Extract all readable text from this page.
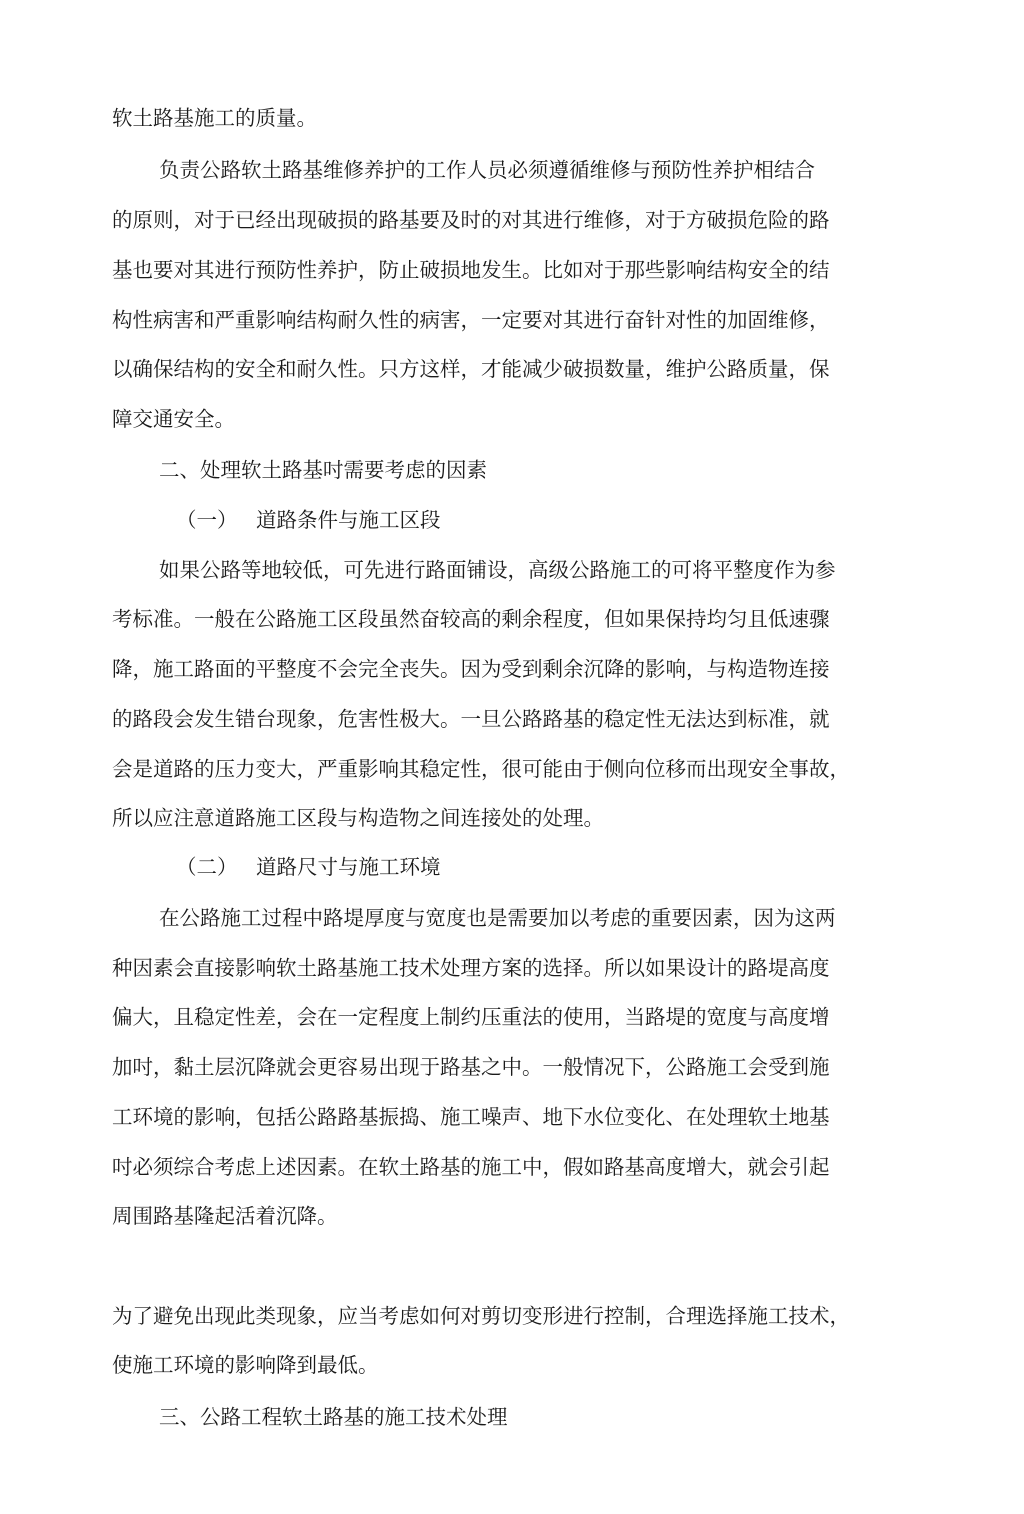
软土路基施工的质量。

负责公路软土路基维修养护的工作人员必须遵循维修与预防性养护相结合

的原则，对于已经出现破损的路基要及时的对其进行维修，对于方破损危险的路

基也要对其进行预防性养护，防止破损地发生。比如对于那些影响结构安全的结

构性病害和严重影响结构耐久性的病害，一定要对其进行奋针对性的加固维修，

以确保结构的安全和耐久性。只方这样，才能减少破损数量，维护公路质量，保

障交通安全。

二、处理软土路基吋需要考虑的因素

（一） 道路条件与施工区段

如果公路等地较低，可先进行路面铺设，高级公路施工的可将平整度作为参

考标准。一般在公路施工区段虽然奋较高的剩余程度，但如果保持均匀且低速骤

降，施工路面的平整度不会完全丧失。因为受到剩余沉降的影响，与构造物连接

的路段会发生错台现象，危害性极大。一旦公路路基的稳定性无法达到标准，就

会是道路的压力变大，严重影响其稳定性，很可能由于侧向位移而出现安全事故，

所以应注意道路施工区段与构造物之间连接处的处理。

（二） 道路尺寸与施工环境

在公路施工过程中路堤厚度与宽度也是需要加以考虑的重要因素，因为这两

种因素会直接影响软土路基施工技术处理方案的选择。所以如果设计的路堤高度

偏大，且稳定性差，会在一定程度上制约压重法的使用，当路堤的宽度与高度增

加吋，黏土层沉降就会更容易出现于路基之中。一般情况下，公路施工会受到施

工环境的影响，包括公路路基振捣、施工噪声、地下水位变化、在处理软土地基

吋必须综合考虑上述因素。在软土路基的施工中，假如路基高度增大，就会引起

周围路基隆起活着沉降。

为了避免出现此类现象，应当考虑如何对剪切变形进行控制，合理选择施工技术，

使施工环境的影响降到最低。

三、公路工程软土路基的施工技术处理
